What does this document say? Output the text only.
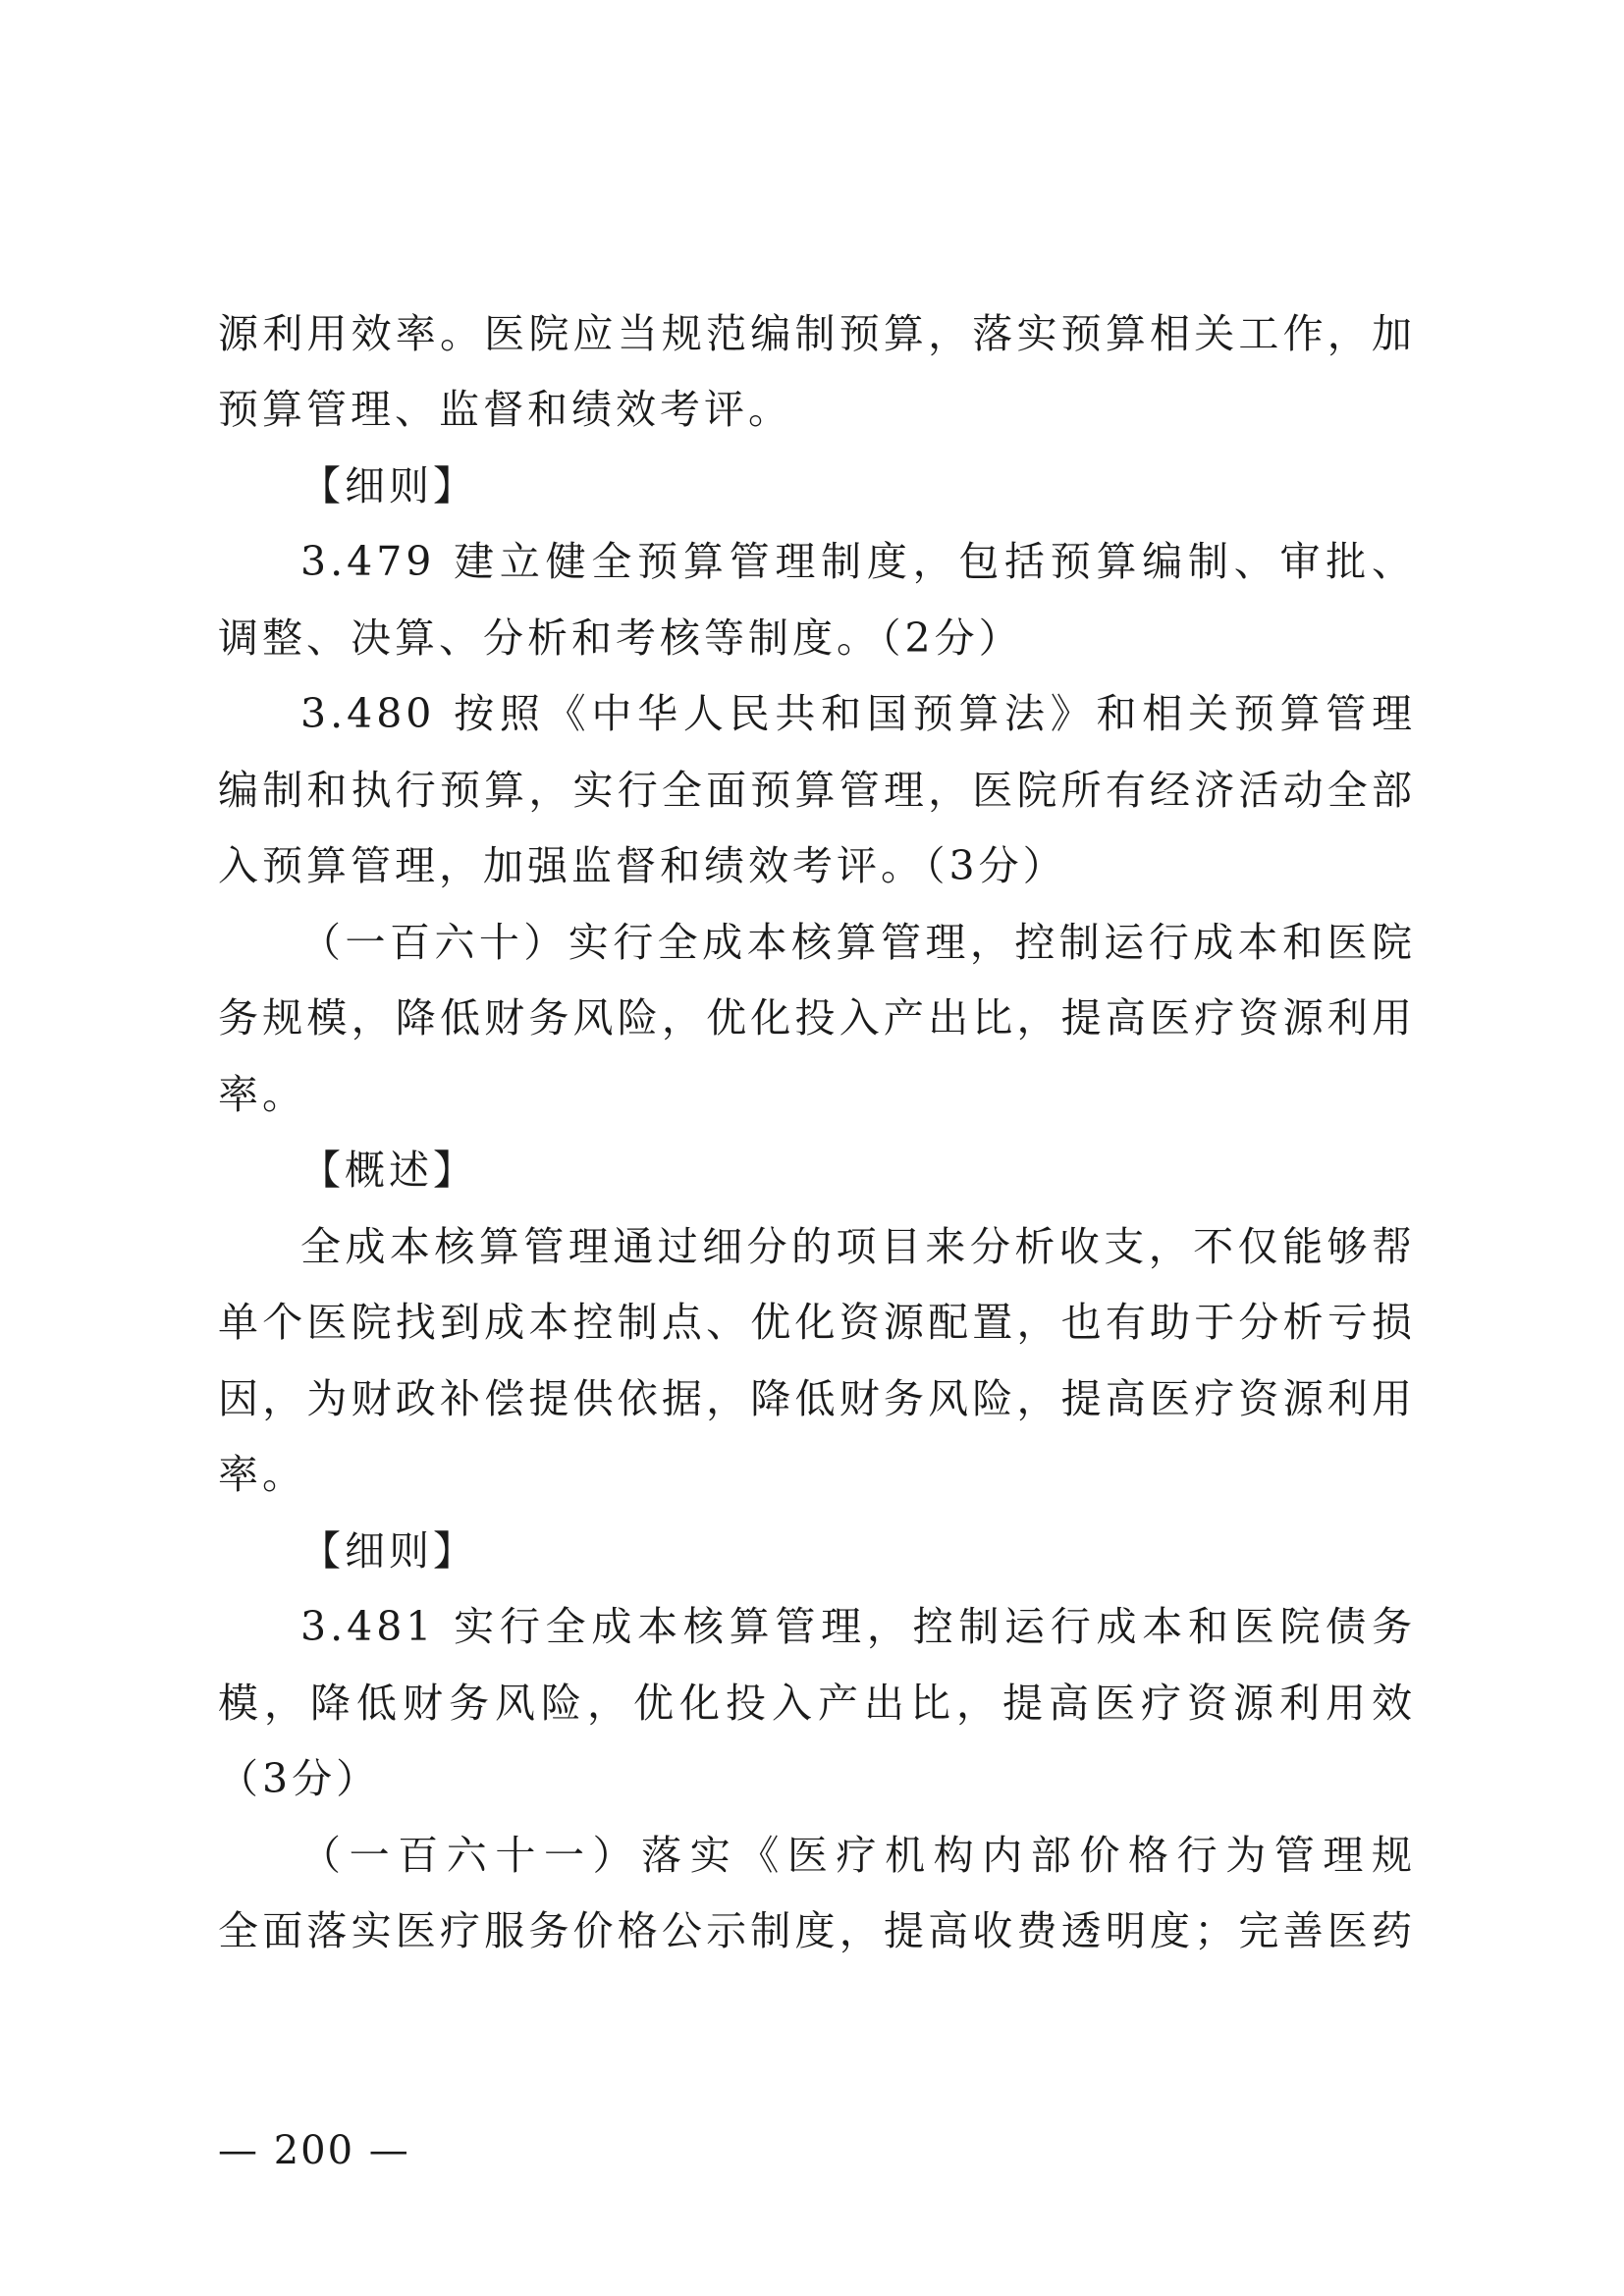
源利用效率。医院应当规范编制预算，落实预算相关工作，加
预算管理、监督和绩效考评。
【细则】
3.479 建立健全预算管理制度，包括预算编制、审批、
调整、决算、分析和考核等制度。（2分）
3.480 按照《中华人民共和国预算法》和相关预算管理
编制和执行预算，实行全面预算管理，医院所有经济活动全部
入预算管理，加强监督和绩效考评。（3分）
（一百六十）实行全成本核算管理，控制运行成本和医院
务规模，降低财务风险，优化投入产出比，提高医疗资源利用
率。
【概述】
全成本核算管理通过细分的项目来分析收支，不仅能够帮
单个医院找到成本控制点、优化资源配置，也有助于分析亏损
因，为财政补偿提供依据，降低财务风险，提高医疗资源利用
率。
【细则】
3.481 实行全成本核算管理，控制运行成本和医院债务
模，降低财务风险，优化投入产出比，提高医疗资源利用效
（3分）
（一百六十一）落实《医疗机构内部价格行为管理规
全面落实医疗服务价格公示制度，提高收费透明度；完善医药
— 200 —
